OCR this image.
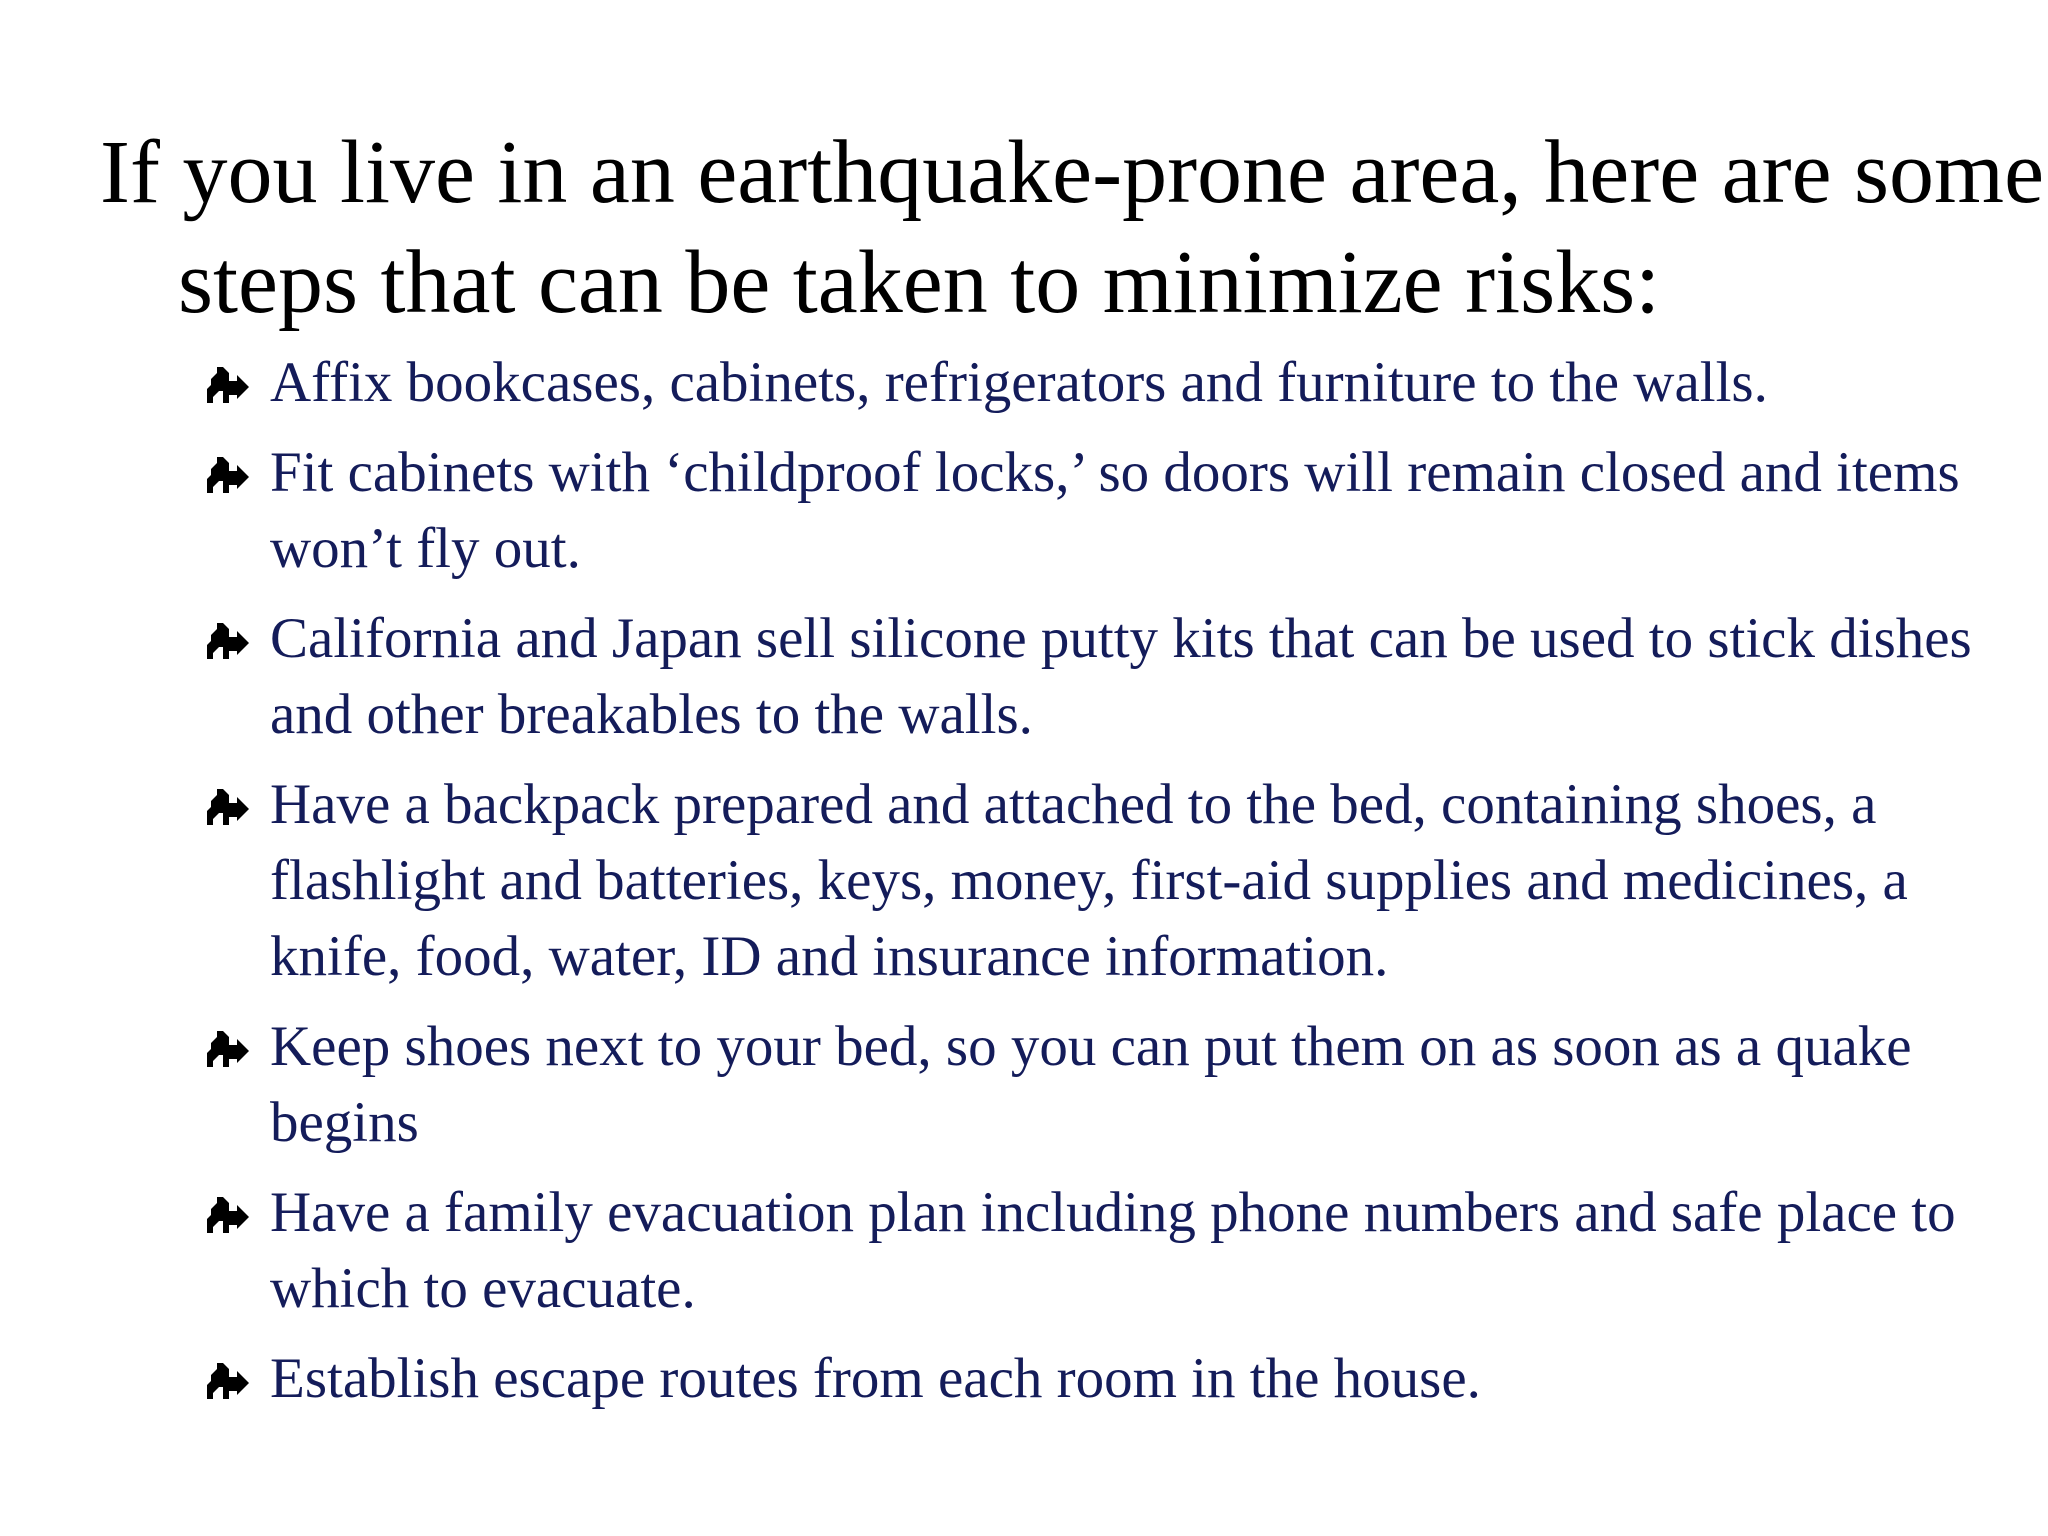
If you live in an earthquake-prone area, here are some steps that can be taken to minimize risks:
Affix bookcases, cabinets, refrigerators and furniture to the walls.
Fit cabinets with ‘childproof locks,’ so doors will remain closed and items won’t fly out.
California and Japan sell silicone putty kits that can be used to stick dishes and other breakables to the walls.
Have a backpack prepared and attached to the bed, containing shoes, a flashlight and batteries, keys, money, first-aid supplies and medicines, a knife, food, water, ID and insurance information.
Keep shoes next to your bed, so you can put them on as soon as a quake begins
Have a family evacuation plan including phone numbers and safe place to which to evacuate.
Establish escape routes from each room in the house.
